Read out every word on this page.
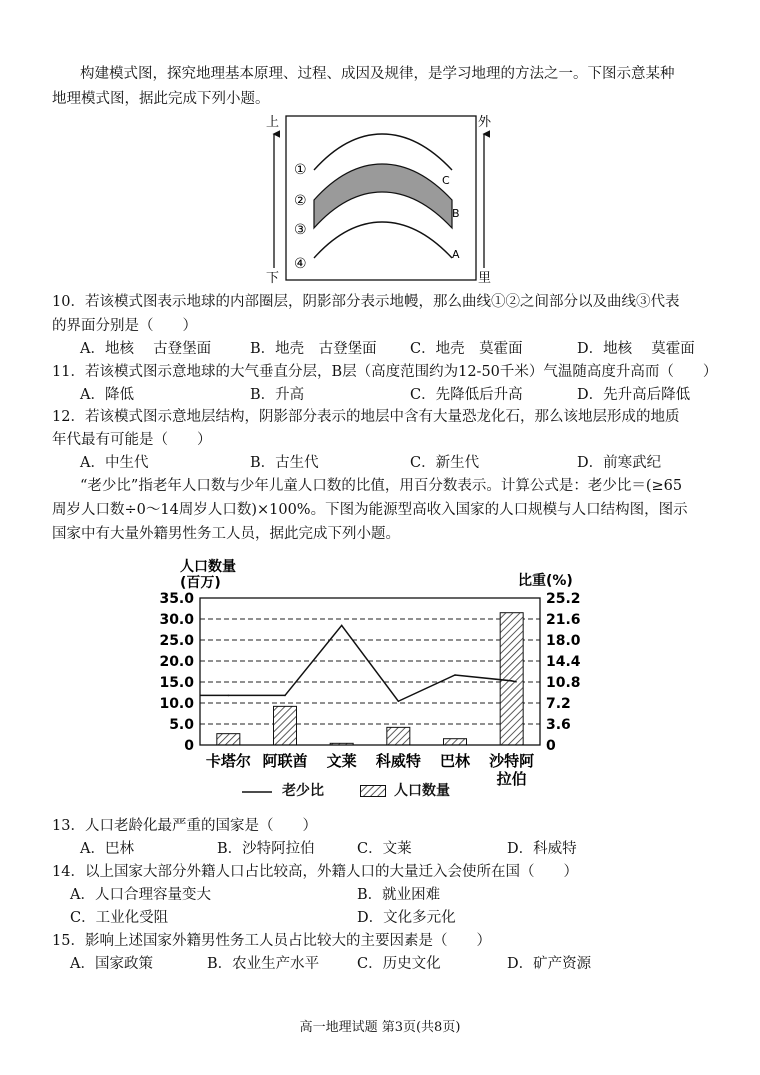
构建模式图，探究地理基本原理、过程、成因及规律，是学习地理的方法之一。下图示意某种
地理模式图，据此完成下列小题。
上
下
外
里
①
②
③
④
C
B
A
10．若该模式图表示地球的内部圈层，阴影部分表示地幔，那么曲线①②之间部分以及曲线③代表
的界面分别是（　　）
A．地核　 古登堡面	B．地壳　古登堡面 C．地壳　莫霍面	D．地核　 莫霍面
11．若该模式图示意地球的大气垂直分层，B层（高度范围约为12-50千米）气温随高度升高而（　　）
A．降低	B．升高	C．先降低后升高	D．先升高后降低
12．若该模式图示意地层结构，阴影部分表示的地层中含有大量恐龙化石，那么该地层形成的地质
年代最有可能是（　　）
A．中生代	B．古生代	C．新生代	D．前寒武纪
“老少比”指老年人口数与少年儿童人口数的比值，用百分数表示。计算公式是：老少比＝(≥65
周岁人口数÷0～14周岁人口数)×100%。下图为能源型高收入国家的人口规模与人口结构图，图示
国家中有大量外籍男性务工人员，据此完成下列小题。
人口数量
(百万)	比重(%)
0	0
5.0	3.6
10.0	7.2
15.0	10.8
20.0	14.4
25.0	18.0
30.0	21.6
35.0	25.2
卡塔尔 阿联酋 文莱 科威特 巴林 沙特阿
拉伯
老少比	人口数量
13．人口老龄化最严重的国家是（　　）
A．巴林	B．沙特阿拉伯	C．文莱	D．科威特
14．以上国家大部分外籍人口占比较高，外籍人口的大量迁入会使所在国（　　）
A．人口合理容量变大	B．就业困难
C．工业化受阻	D．文化多元化
15．影响上述国家外籍男性务工人员占比较大的主要因素是（　　）
A．国家政策	B．农业生产水平	C．历史文化	D．矿产资源
高一地理试题 第3页(共8页)
